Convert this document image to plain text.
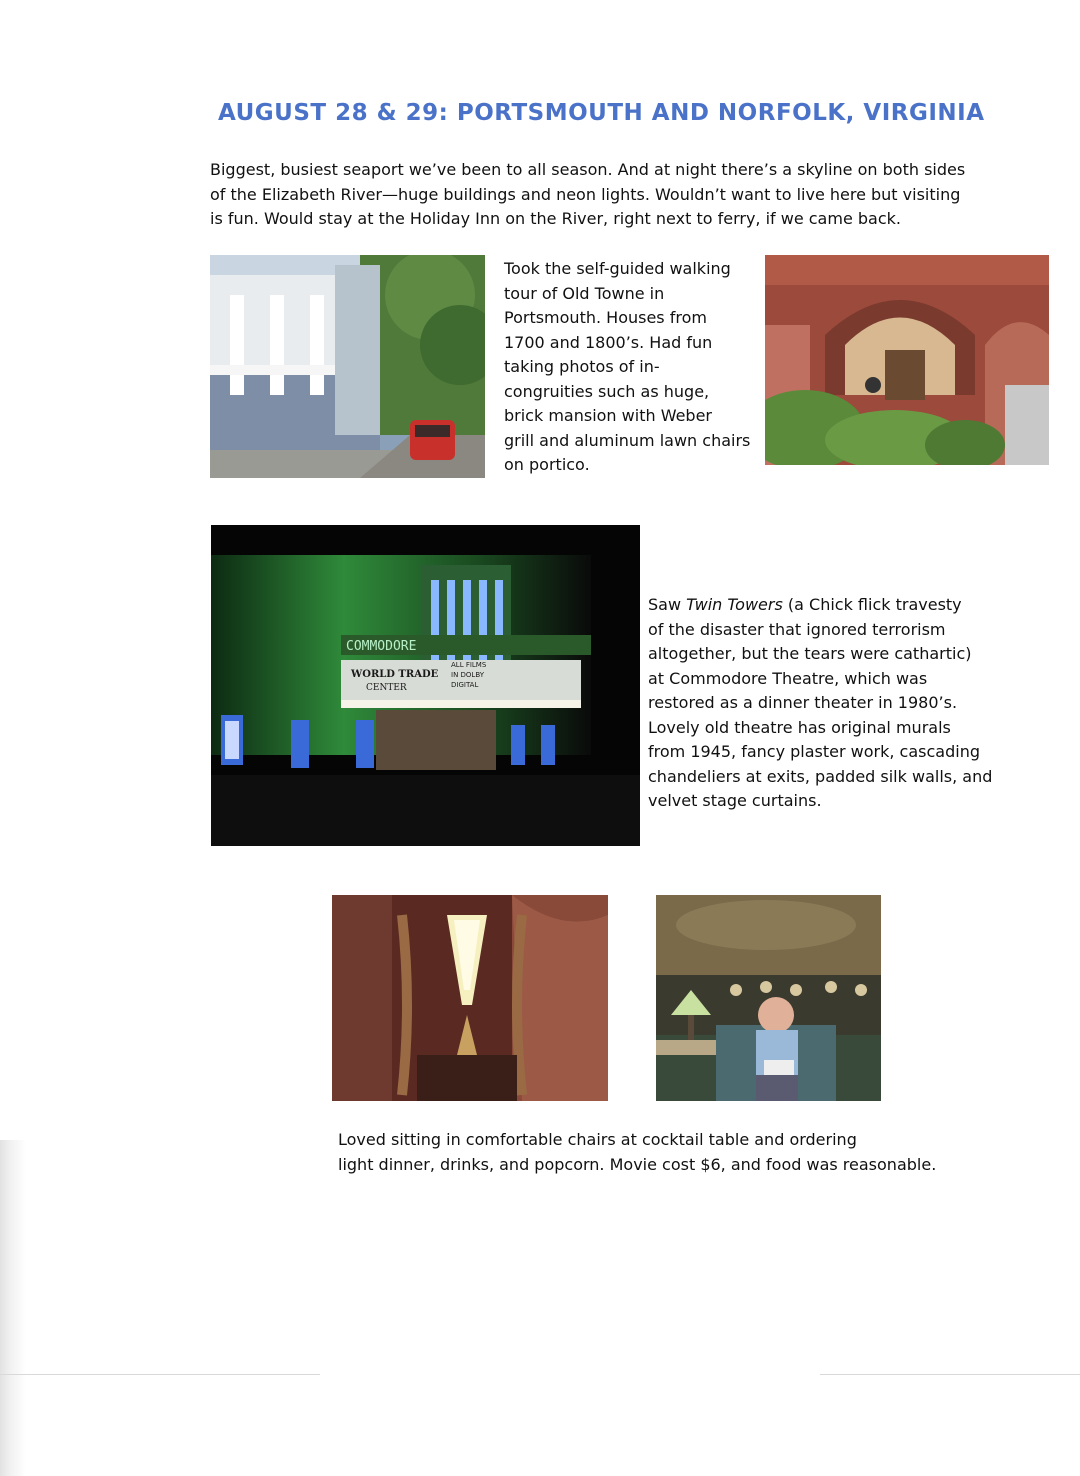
AUGUST 28 & 29: PORTSMOUTH AND NORFOLK, VIRGINIA
Biggest, busiest seaport we’ve been to all season. And at night there’s a skyline on both sides
of the Elizabeth River—huge buildings and neon lights. Wouldn’t want to live here but visiting
is fun. Would stay at the Holiday Inn on the River, right next to ferry, if we came back.
Took the self-guided walking
tour of Old Towne in
Portsmouth. Houses from
1700 and 1800’s. Had fun
taking photos of in-
congruities such as huge,
brick mansion with Weber
grill and aluminum lawn chairs
on portico.
COMMODORE
WORLD TRADE
CENTER
ALL FILMS
IN DOLBY
DIGITAL
Saw Twin Towers (a Chick flick travesty
of the disaster that ignored terrorism
altogether, but the tears were cathartic)
at Commodore Theatre, which was
restored as a dinner theater in 1980’s.
Lovely old theatre has original murals
from 1945, fancy plaster work, cascading
chandeliers at exits, padded silk walls, and
velvet stage curtains.
Loved sitting in comfortable chairs at cocktail table and ordering
light dinner, drinks, and popcorn. Movie cost $6, and food was reasonable.
